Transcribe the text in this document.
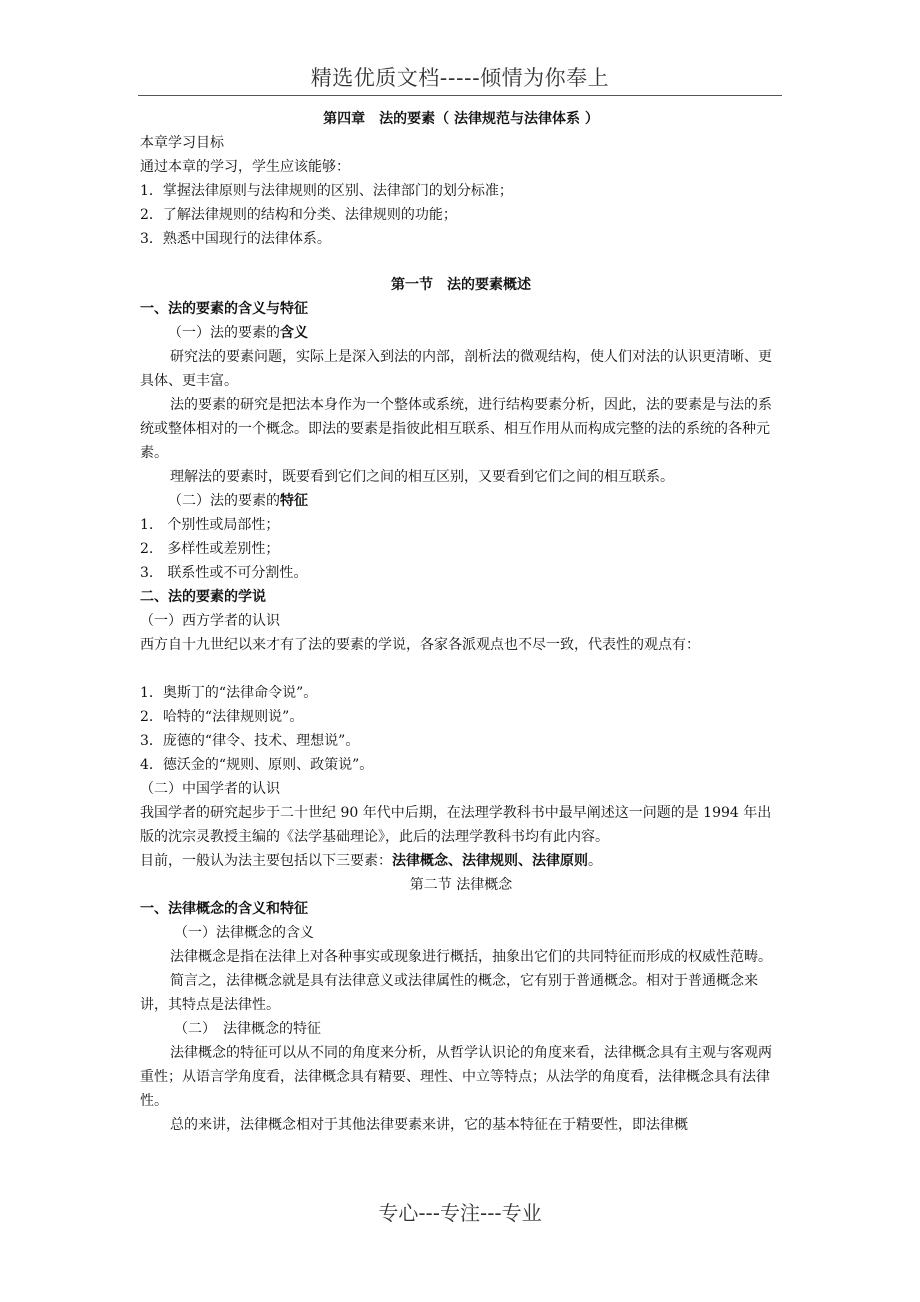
精选优质文档-----倾情为你奉上

第四章　法的要素（ 法律规范与法律体系 ）

本章学习目标

通过本章的学习，学生应该能够：

1．掌握法律原则与法律规则的区别、法律部门的划分标准；

2．了解法律规则的结构和分类、法律规则的功能；

3．熟悉中国现行的法律体系。

第一节　法的要素概述

一、法的要素的含义与特征

（一）法的要素的含义

研究法的要素问题，实际上是深入到法的内部，剖析法的微观结构，使人们对法的认识更清晰、更具体、更丰富。

法的要素的研究是把法本身作为一个整体或系统，进行结构要素分析，因此，法的要素是与法的系统或整体相对的一个概念。即法的要素是指彼此相互联系、相互作用从而构成完整的法的系统的各种元素。

理解法的要素时，既要看到它们之间的相互区别，又要看到它们之间的相互联系。

（二）法的要素的特征

1.　个别性或局部性；

2.　多样性或差别性；

3.　联系性或不可分割性。

二、法的要素的学说

（一）西方学者的认识

西方自十九世纪以来才有了法的要素的学说，各家各派观点也不尽一致，代表性的观点有：

1．奥斯丁的“法律命令说”。

2．哈特的“法律规则说”。

3．庞德的“律令、技术、理想说”。

4．德沃金的“规则、原则、政策说”。

（二）中国学者的认识

我国学者的研究起步于二十世纪 90 年代中后期，在法理学教科书中最早阐述这一问题的是 1994 年出版的沈宗灵教授主编的《法学基础理论》，此后的法理学教科书均有此内容。

目前，一般认为法主要包括以下三要素：法律概念、法律规则、法律原则。

第二节 法律概念

一、法律概念的含义和特征

（一）法律概念的含义

法律概念是指在法律上对各种事实或现象进行概括，抽象出它们的共同特征而形成的权威性范畴。

简言之，法律概念就是具有法律意义或法律属性的概念，它有别于普通概念。相对于普通概念来讲，其特点是法律性。

（二）　法律概念的特征

法律概念的特征可以从不同的角度来分析，从哲学认识论的角度来看，法律概念具有主观与客观两重性；从语言学角度看，法律概念具有精要、理性、中立等特点；从法学的角度看，法律概念具有法律性。

总的来讲，法律概念相对于其他法律要素来讲，它的基本特征在于精要性，即法律概

专心---专注---专业
